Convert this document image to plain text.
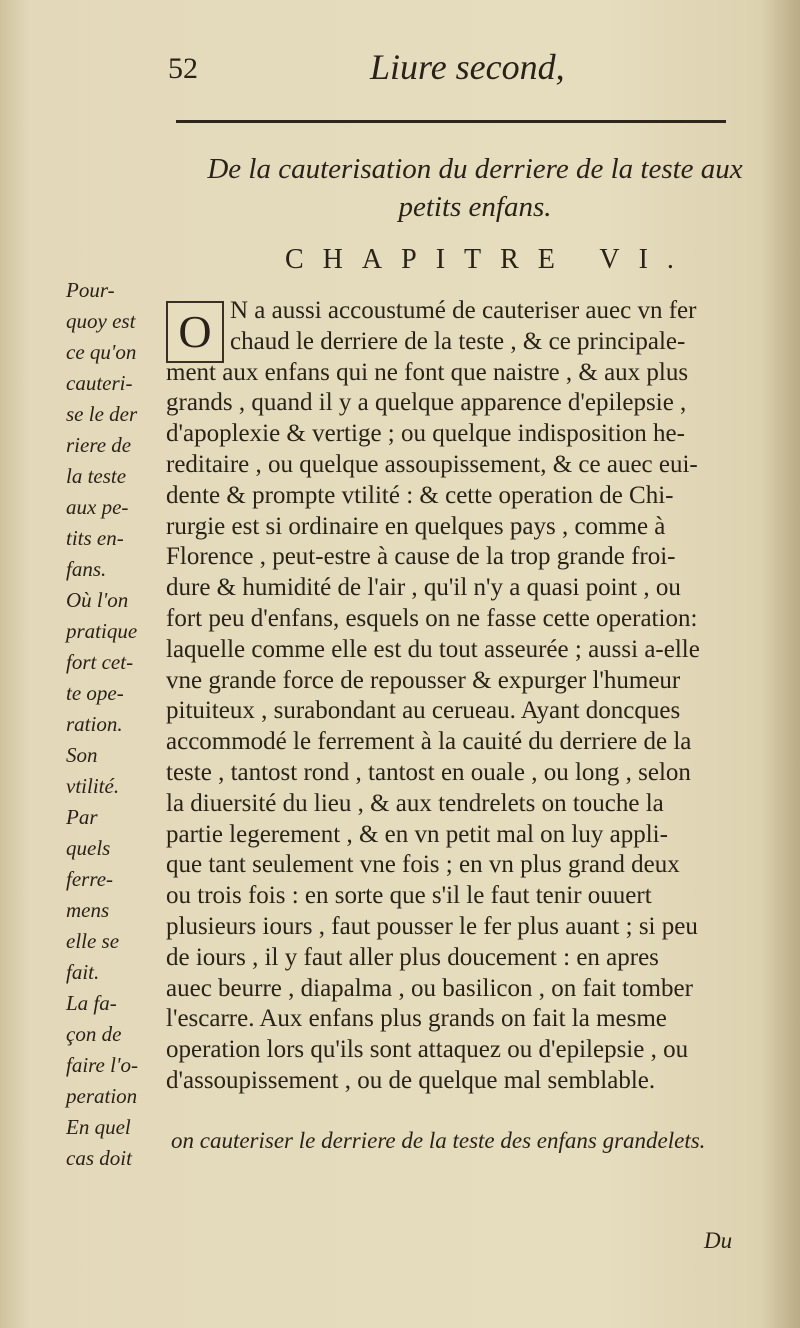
52	Liure second,
De la cauterisation du derriere de la teste aux petits enfans.
CHAPITRE VI.
Pour-
quoy est
ce qu'on
cauteri-
se le der
riere de
la teste
aux pe-
tits en-
fans.
Où l'on
pratique
fort cet-
te ope-
ration.
Son
vtilité.
Par
quels
ferre-
mens
elle se
fait.
La fa-
çon de
faire l'o-
peration
En quel
cas doit
O N a aussi accoustumé de cauteriser auec vn fer
chaud le derriere de la teste , & ce principale-
ment aux enfans qui ne font que naistre , & aux plus
grands , quand il y a quelque apparence d'epilepsie ,
d'apoplexie & vertige ; ou quelque indisposition he-
reditaire , ou quelque assoupissement, & ce auec eui-
dente & prompte vtilité : & cette operation de Chi-
rurgie est si ordinaire en quelques pays , comme à
Florence , peut-estre à cause de la trop grande froi-
dure & humidité de l'air , qu'il n'y a quasi point , ou
fort peu d'enfans, esquels on ne fasse cette operation:
laquelle comme elle est du tout asseurée ; aussi a-elle
vne grande force de repousser & expurger l'humeur
pituiteux , surabondant au cerueau. Ayant doncques
accommodé le ferrement à la cauité du derriere de la
teste , tantost rond , tantost en ouale , ou long , selon
la diuersité du lieu , & aux tendrelets on touche la
partie legerement , & en vn petit mal on luy appli-
que tant seulement vne fois ; en vn plus grand deux
ou trois fois : en sorte que s'il le faut tenir ouuert
plusieurs iours , faut pousser le fer plus auant ; si peu
de iours , il y faut aller plus doucement : en apres
auec beurre , diapalma , ou basilicon , on fait tomber
l'escarre. Aux enfans plus grands on fait la mesme
operation lors qu'ils sont attaquez ou d'epilepsie , ou
d'assoupissement , ou de quelque mal semblable.
on cauteriser le derriere de la teste des enfans grandelets.
Du
